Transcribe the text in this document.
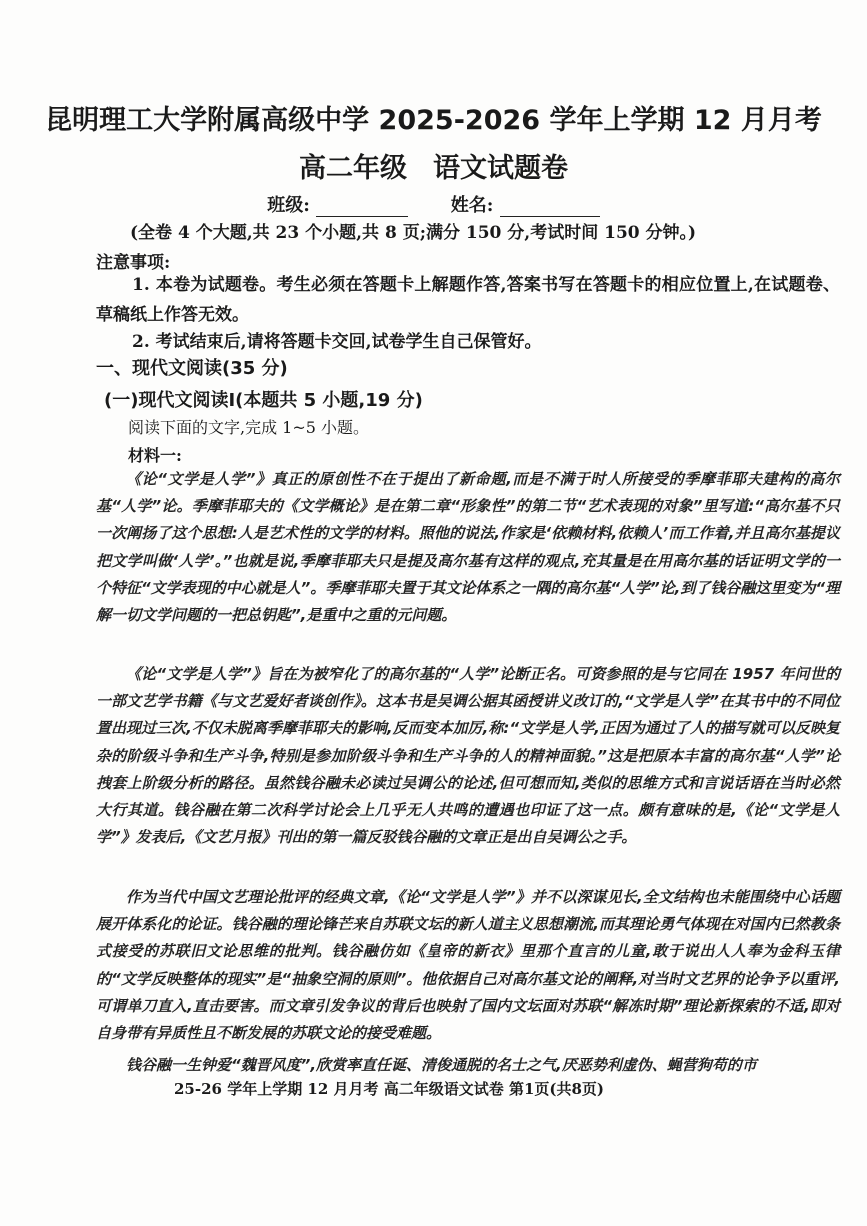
昆明理工大学附属高级中学 2025-2026 学年上学期 12 月月考
高二年级 语文试题卷
班级:	姓名:
(全卷 4 个大题,共 23 个小题,共 8 页;满分 150 分,考试时间 150 分钟。)
注意事项:
1. 本卷为试题卷。考生必须在答题卡上解题作答,答案书写在答题卡的相应位置上,在试题卷、草稿纸上作答无效。
2. 考试结束后,请将答题卡交回,试卷学生自己保管好。
一、现代文阅读(35 分)
(一)现代文阅读Ⅰ(本题共 5 小题,19 分)
阅读下面的文字,完成 1~5 小题。
材料一:
《论“文学是人学”》真正的原创性不在于提出了新命题,而是不满于时人所接受的季摩菲耶夫建构的高尔基“人学”论。季摩菲耶夫的《文学概论》是在第二章“形象性”的第二节“艺术表现的对象”里写道:“高尔基不只一次阐扬了这个思想:人是艺术性的文学的材料。照他的说法,作家是‘依赖材料,依赖人’而工作着,并且高尔基提议把文学叫做‘人学’。”也就是说,季摩菲耶夫只是提及高尔基有这样的观点,充其量是在用高尔基的话证明文学的一个特征“文学表现的中心就是人”。季摩菲耶夫置于其文论体系之一隅的高尔基“人学”论,到了钱谷融这里变为“理解一切文学问题的一把总钥匙”,是重中之重的元问题。
《论“文学是人学”》旨在为被窄化了的高尔基的“人学”论断正名。可资参照的是与它同在 1957 年问世的一部文艺学书籍《与文艺爱好者谈创作》。这本书是吴调公据其函授讲义改订的,“文学是人学”在其书中的不同位置出现过三次,不仅未脱离季摩菲耶夫的影响,反而变本加厉,称:“文学是人学,正因为通过了人的描写就可以反映复杂的阶级斗争和生产斗争,特别是参加阶级斗争和生产斗争的人的精神面貌。”这是把原本丰富的高尔基“人学”论拽套上阶级分析的路径。虽然钱谷融未必读过吴调公的论述,但可想而知,类似的思维方式和言说话语在当时必然大行其道。钱谷融在第二次科学讨论会上几乎无人共鸣的遭遇也印证了这一点。颇有意味的是,《论“文学是人学”》发表后,《文艺月报》刊出的第一篇反驳钱谷融的文章正是出自吴调公之手。
作为当代中国文艺理论批评的经典文章,《论“文学是人学”》并不以深谋见长,全文结构也未能围绕中心话题展开体系化的论证。钱谷融的理论锋芒来自苏联文坛的新人道主义思想潮流,而其理论勇气体现在对国内已然教条式接受的苏联旧文论思维的批判。钱谷融仿如《皇帝的新衣》里那个直言的儿童,敢于说出人人奉为金科玉律的“文学反映整体的现实”是“抽象空洞的原则”。他依据自己对高尔基文论的阐释,对当时文艺界的论争予以重评,可谓单刀直入,直击要害。而文章引发争议的背后也映射了国内文坛面对苏联“解冻时期”理论新探索的不适,即对自身带有异质性且不断发展的苏联文论的接受难题。
钱谷融一生钟爱“魏晋风度”,欣赏率直任诞、清俊通脱的名士之气,厌恶势利虚伪、蝇营狗苟的市
25-26 学年上学期 12 月月考 高二年级语文试卷 第1页(共8页)
